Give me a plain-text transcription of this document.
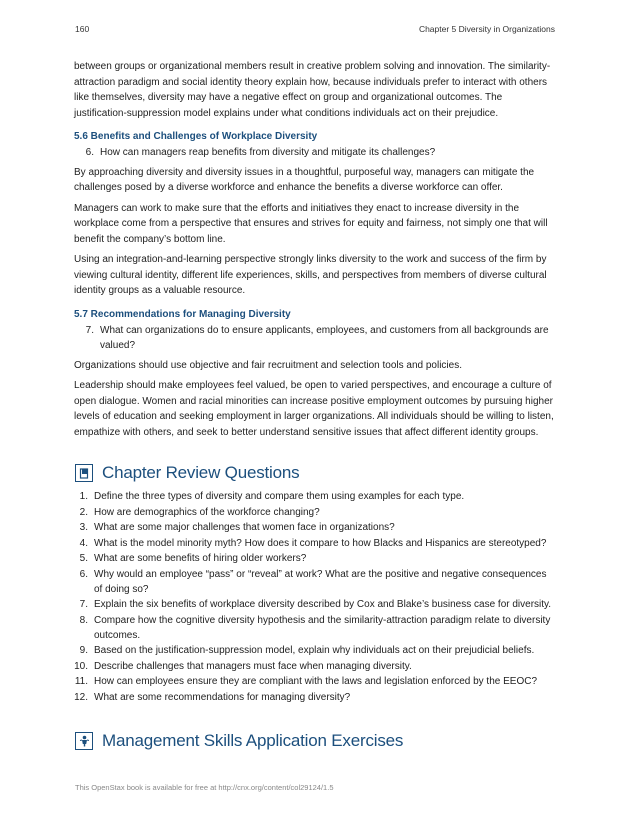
160	Chapter 5 Diversity in Organizations

between groups or organizational members result in creative problem solving and innovation. The similarity-attraction paradigm and social identity theory explain how, because individuals prefer to interact with others like themselves, diversity may have a negative effect on group and organizational outcomes. The justification-suppression model explains under what conditions individuals act on their prejudice.

5.6 Benefits and Challenges of Workplace Diversity
6. How can managers reap benefits from diversity and mitigate its challenges?

By approaching diversity and diversity issues in a thoughtful, purposeful way, managers can mitigate the challenges posed by a diverse workforce and enhance the benefits a diverse workforce can offer.

Managers can work to make sure that the efforts and initiatives they enact to increase diversity in the workplace come from a perspective that ensures and strives for equity and fairness, not simply one that will benefit the company’s bottom line.

Using an integration-and-learning perspective strongly links diversity to the work and success of the firm by viewing cultural identity, different life experiences, skills, and perspectives from members of diverse cultural identity groups as a valuable resource.

5.7 Recommendations for Managing Diversity
7. What can organizations do to ensure applicants, employees, and customers from all backgrounds are valued?

Organizations should use objective and fair recruitment and selection tools and policies.

Leadership should make employees feel valued, be open to varied perspectives, and encourage a culture of open dialogue. Women and racial minorities can increase positive employment outcomes by pursuing higher levels of education and seeking employment in larger organizations. All individuals should be willing to listen, empathize with others, and seek to better understand sensitive issues that affect different identity groups.

Chapter Review Questions
1. Define the three types of diversity and compare them using examples for each type.
2. How are demographics of the workforce changing?
3. What are some major challenges that women face in organizations?
4. What is the model minority myth? How does it compare to how Blacks and Hispanics are stereotyped?
5. What are some benefits of hiring older workers?
6. Why would an employee “pass” or “reveal” at work? What are the positive and negative consequences of doing so?
7. Explain the six benefits of workplace diversity described by Cox and Blake’s business case for diversity.
8. Compare how the cognitive diversity hypothesis and the similarity-attraction paradigm relate to diversity outcomes.
9. Based on the justification-suppression model, explain why individuals act on their prejudicial beliefs.
10. Describe challenges that managers must face when managing diversity.
11. How can employees ensure they are compliant with the laws and legislation enforced by the EEOC?
12. What are some recommendations for managing diversity?
Management Skills Application Exercises
This OpenStax book is available for free at http://cnx.org/content/col29124/1.5
